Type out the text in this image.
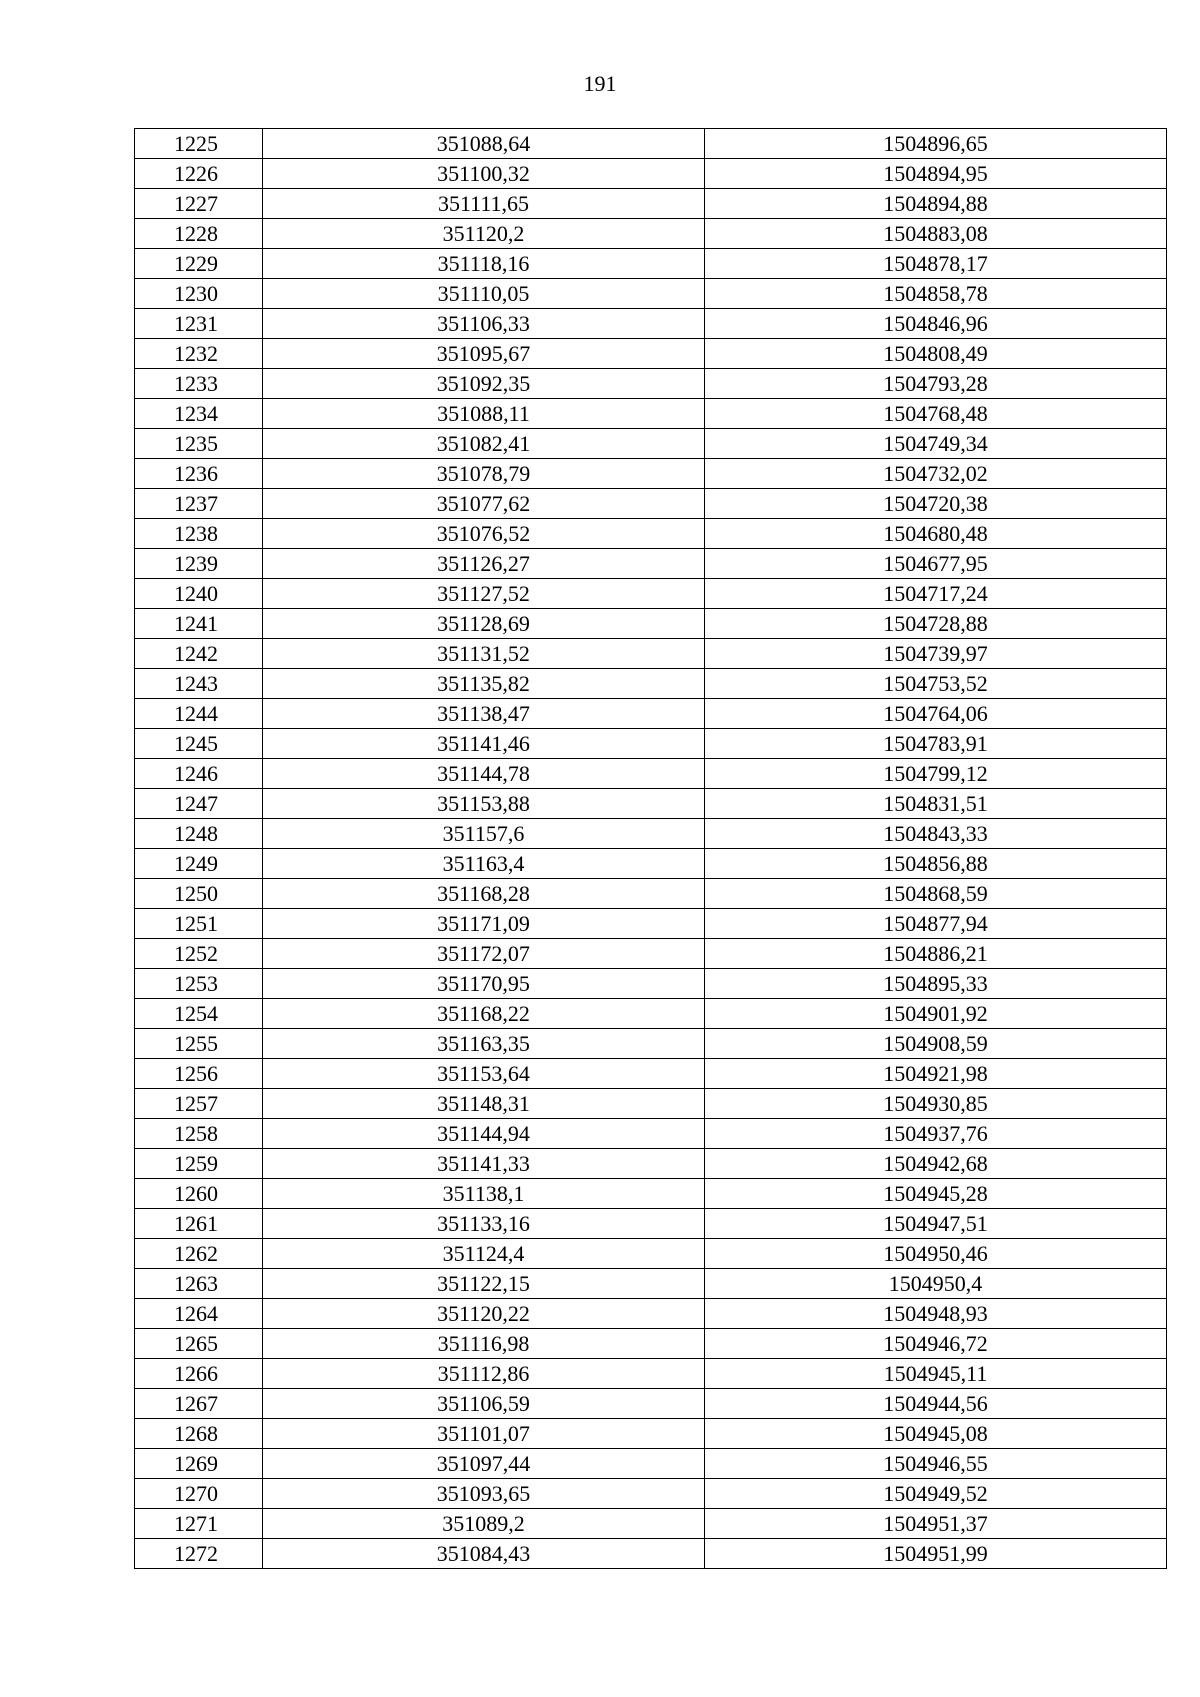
191
1225	351088,64	1504896,65
1226	351100,32	1504894,95
1227	351111,65	1504894,88
1228	351120,2	1504883,08
1229	351118,16	1504878,17
1230	351110,05	1504858,78
1231	351106,33	1504846,96
1232	351095,67	1504808,49
1233	351092,35	1504793,28
1234	351088,11	1504768,48
1235	351082,41	1504749,34
1236	351078,79	1504732,02
1237	351077,62	1504720,38
1238	351076,52	1504680,48
1239	351126,27	1504677,95
1240	351127,52	1504717,24
1241	351128,69	1504728,88
1242	351131,52	1504739,97
1243	351135,82	1504753,52
1244	351138,47	1504764,06
1245	351141,46	1504783,91
1246	351144,78	1504799,12
1247	351153,88	1504831,51
1248	351157,6	1504843,33
1249	351163,4	1504856,88
1250	351168,28	1504868,59
1251	351171,09	1504877,94
1252	351172,07	1504886,21
1253	351170,95	1504895,33
1254	351168,22	1504901,92
1255	351163,35	1504908,59
1256	351153,64	1504921,98
1257	351148,31	1504930,85
1258	351144,94	1504937,76
1259	351141,33	1504942,68
1260	351138,1	1504945,28
1261	351133,16	1504947,51
1262	351124,4	1504950,46
1263	351122,15	1504950,4
1264	351120,22	1504948,93
1265	351116,98	1504946,72
1266	351112,86	1504945,11
1267	351106,59	1504944,56
1268	351101,07	1504945,08
1269	351097,44	1504946,55
1270	351093,65	1504949,52
1271	351089,2	1504951,37
1272	351084,43	1504951,99
